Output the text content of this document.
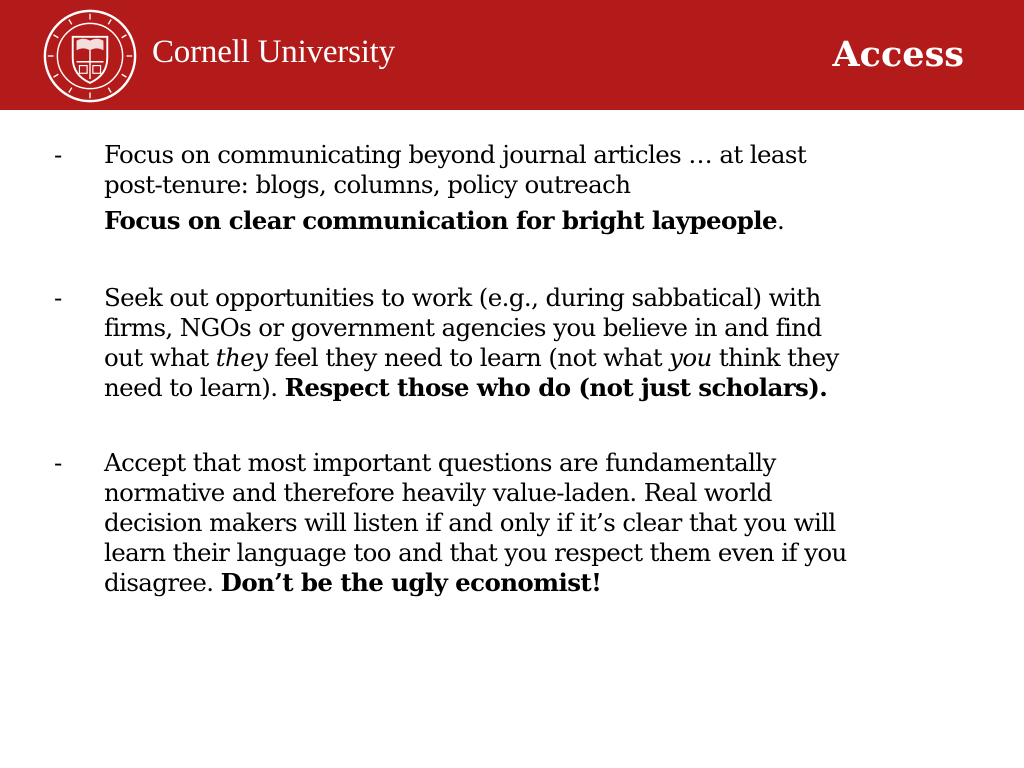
Cornell University	Access
- Focus on communicating beyond journal articles … at least
post-tenure: blogs, columns, policy outreach
Focus on clear communication for bright laypeople.
- Seek out opportunities to work (e.g., during sabbatical) with
firms, NGOs or government agencies you believe in and find
out what they feel they need to learn (not what you think they
need to learn). Respect those who do (not just scholars).
- Accept that most important questions are fundamentally
normative and therefore heavily value-laden. Real world
decision makers will listen if and only if it’s clear that you will
learn their language too and that you respect them even if you
disagree. Don’t be the ugly economist!
